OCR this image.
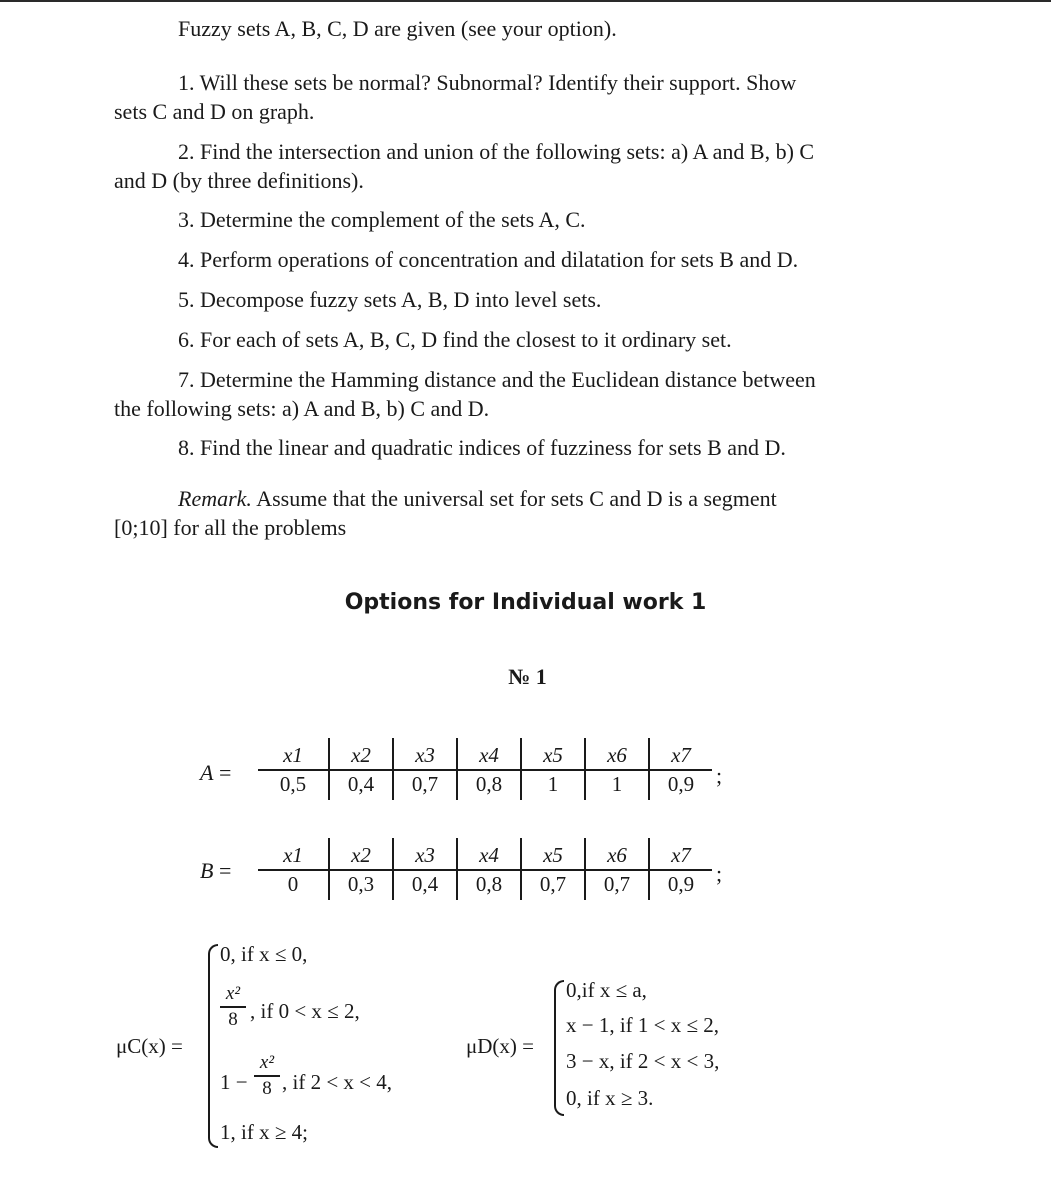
Fuzzy sets A, B, C, D are given (see your option).
1. Will these sets be normal? Subnormal? Identify their support. Show
sets C and D on graph.
2. Find the intersection and union of the following sets: a) A and B, b) C
and D (by three definitions).
3. Determine the complement of the sets A, C.
4. Perform operations of concentration and dilatation for sets B and D.
5. Decompose fuzzy sets A, B, D into level sets.
6. For each of sets A, B, C, D find the closest to it ordinary set.
7. Determine the Hamming distance and the Euclidean distance between
the following sets: a) A and B, b) C and D.
8. Find the linear and quadratic indices of fuzziness for sets B and D.
Remark. Assume that the universal set for sets C and D is a segment
[0;10] for all the problems
Options for Individual work 1
№ 1
A =
x1
0,5
x2
0,4
x3
0,7
x4
0,8
x5
1
x6
1
x7
0,9 ;
B =
x1
0
x2
0,3
x3
0,4
x4
0,8
x5
0,7
x6
0,7
x7
0,9 ;
μC(x) =
0, if x ≤ 0,
x²
8 , if 0 < x ≤ 2,
1 −
x²
8 , if 2 < x < 4,
1, if x ≥ 4;
μD(x) =
0,if x ≤ a,
x − 1, if 1 < x ≤ 2,
3 − x, if 2 < x < 3,
0, if x ≥ 3.
